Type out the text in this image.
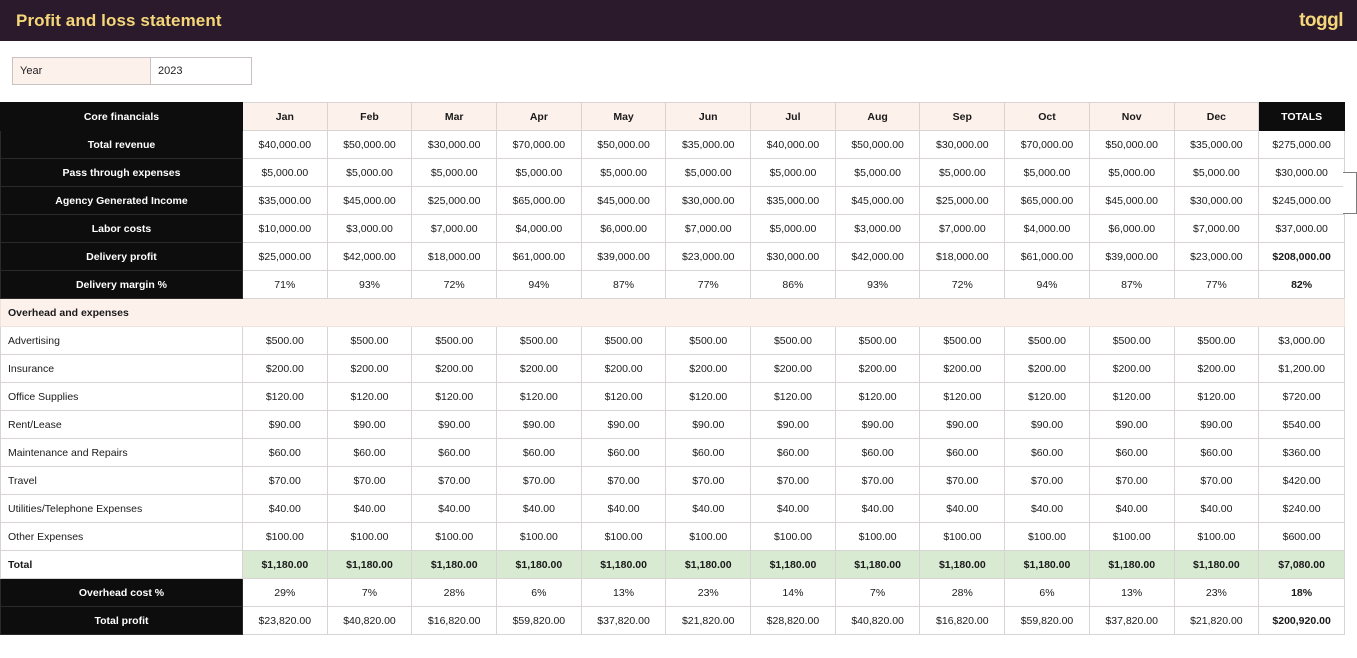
Profit and loss statement	toggl
Year	2023
Core financials	Jan	Feb	Mar	Apr	May	Jun	Jul	Aug	Sep	Oct	Nov	Dec	TOTALS
Total revenue	$40,000.00	$50,000.00	$30,000.00	$70,000.00	$50,000.00	$35,000.00	$40,000.00	$50,000.00	$30,000.00	$70,000.00	$50,000.00	$35,000.00	$275,000.00
Pass through expenses	$5,000.00	$5,000.00	$5,000.00	$5,000.00	$5,000.00	$5,000.00	$5,000.00	$5,000.00	$5,000.00	$5,000.00	$5,000.00	$5,000.00	$30,000.00
Agency Generated Income	$35,000.00	$45,000.00	$25,000.00	$65,000.00	$45,000.00	$30,000.00	$35,000.00	$45,000.00	$25,000.00	$65,000.00	$45,000.00	$30,000.00	$245,000.00
Labor costs	$10,000.00	$3,000.00	$7,000.00	$4,000.00	$6,000.00	$7,000.00	$5,000.00	$3,000.00	$7,000.00	$4,000.00	$6,000.00	$7,000.00	$37,000.00
Delivery profit	$25,000.00	$42,000.00	$18,000.00	$61,000.00	$39,000.00	$23,000.00	$30,000.00	$42,000.00	$18,000.00	$61,000.00	$39,000.00	$23,000.00	$208,000.00
Delivery margin %	71%	93%	72%	94%	87%	77%	86%	93%	72%	94%	87%	77%	82%
Overhead and expenses													
Advertising	$500.00	$500.00	$500.00	$500.00	$500.00	$500.00	$500.00	$500.00	$500.00	$500.00	$500.00	$500.00	$3,000.00
Insurance	$200.00	$200.00	$200.00	$200.00	$200.00	$200.00	$200.00	$200.00	$200.00	$200.00	$200.00	$200.00	$1,200.00
Office Supplies	$120.00	$120.00	$120.00	$120.00	$120.00	$120.00	$120.00	$120.00	$120.00	$120.00	$120.00	$120.00	$720.00
Rent/Lease	$90.00	$90.00	$90.00	$90.00	$90.00	$90.00	$90.00	$90.00	$90.00	$90.00	$90.00	$90.00	$540.00
Maintenance and Repairs	$60.00	$60.00	$60.00	$60.00	$60.00	$60.00	$60.00	$60.00	$60.00	$60.00	$60.00	$60.00	$360.00
Travel	$70.00	$70.00	$70.00	$70.00	$70.00	$70.00	$70.00	$70.00	$70.00	$70.00	$70.00	$70.00	$420.00
Utilities/Telephone Expenses	$40.00	$40.00	$40.00	$40.00	$40.00	$40.00	$40.00	$40.00	$40.00	$40.00	$40.00	$40.00	$240.00
Other Expenses	$100.00	$100.00	$100.00	$100.00	$100.00	$100.00	$100.00	$100.00	$100.00	$100.00	$100.00	$100.00	$600.00
Total	$1,180.00	$1,180.00	$1,180.00	$1,180.00	$1,180.00	$1,180.00	$1,180.00	$1,180.00	$1,180.00	$1,180.00	$1,180.00	$1,180.00	$7,080.00
Overhead cost %	29%	7%	28%	6%	13%	23%	14%	7%	28%	6%	13%	23%	18%
Total profit	$23,820.00	$40,820.00	$16,820.00	$59,820.00	$37,820.00	$21,820.00	$28,820.00	$40,820.00	$16,820.00	$59,820.00	$37,820.00	$21,820.00	$200,920.00
